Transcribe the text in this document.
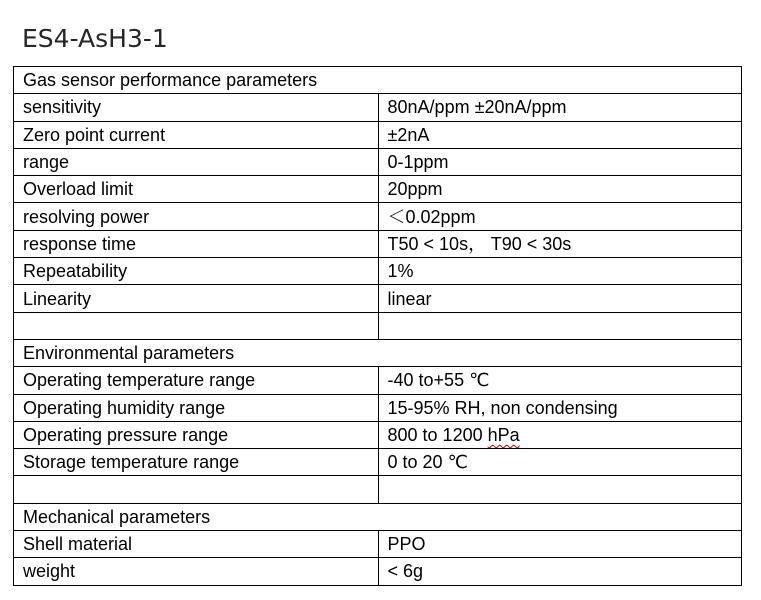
ES4-AsH3-1
Gas sensor performance parameters	
sensitivity	80nA/ppm ±20nA/ppm
Zero point current	±2nA
range	0-1ppm
Overload limit	20ppm
resolving power	＜0.02ppm
response time	T50 < 10s， T90 < 30s
Repeatability	1%
Linearity	linear

Environmental parameters	
Operating temperature range	-40 to+55 ℃
Operating humidity range	15-95% RH, non condensing
Operating pressure range	800 to 1200 hPa
Storage temperature range	0 to 20 ℃

Mechanical parameters	
Shell material	PPO
weight	< 6g
